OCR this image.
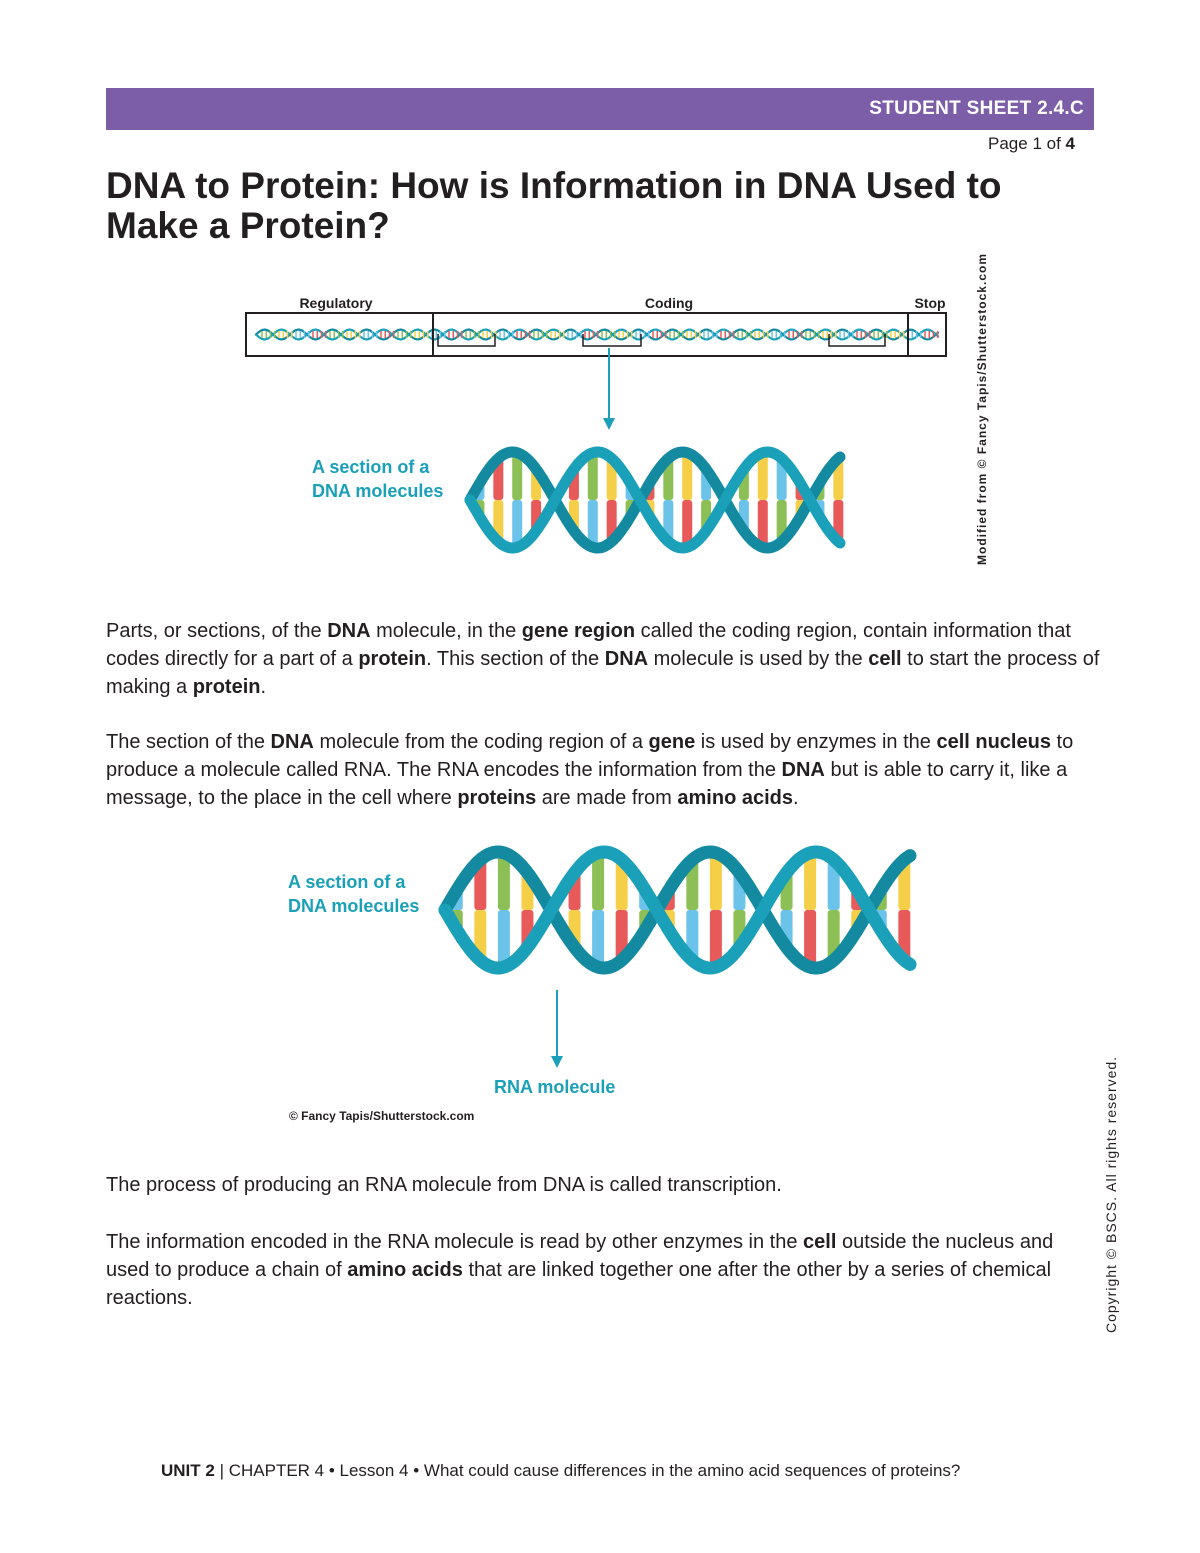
STUDENT SHEET 2.4.C
Page 1 of 4
DNA to Protein: How is Information in DNA Used to Make a Protein?
Regulatory	Coding	Stop
A section of a
DNA molecules	Modified from © Fancy Tapis/Shutterstock.com

Parts, or sections, of the DNA molecule, in the gene region called the coding region, contain information that codes directly for a part of a protein. This section of the DNA molecule is used by the cell to start the process of making a protein.

The section of the DNA molecule from the coding region of a gene is used by enzymes in the cell nucleus to produce a molecule called RNA. The RNA encodes the information from the DNA but is able to carry it, like a message, to the place in the cell where proteins are made from amino acids.

A section of a
DNA molecules
RNA molecule
© Fancy Tapis/Shutterstock.com

The process of producing an RNA molecule from DNA is called transcription.

The information encoded in the RNA molecule is read by other enzymes in the cell outside the nucleus and used to produce a chain of amino acids that are linked together one after the other by a series of chemical reactions.	Copyright © BSCS. All rights reserved.
UNIT 2 | CHAPTER 4 • Lesson 4 • What could cause differences in the amino acid sequences of proteins?
